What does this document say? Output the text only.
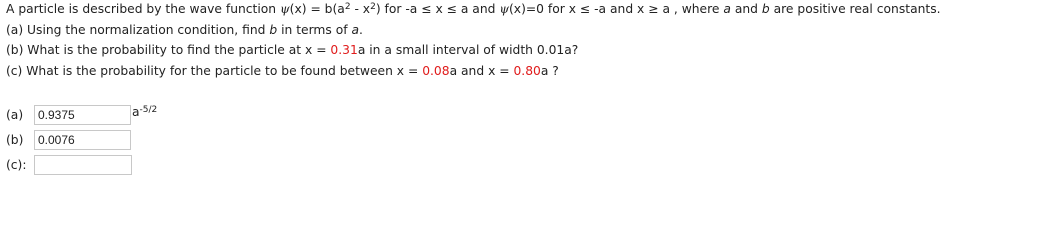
A particle is described by the wave function $\psi(x) = b(a^2 - x^2)$ for -a ≤ x ≤ a and ψ(x)=0 for x ≤ -a and x ≥ a , where a and b are positive real constants.
(a) Using the normalization condition, find b in terms of a.
(b) What is the probability to find the particle at x = 0.31a in a small interval of width 0.01a?
(c) What is the probability for the particle to be found between x = 0.08a and x = 0.80a ?
(a)
0.9375	$a^{-5/2}$
(b)
0.0076
(c):
